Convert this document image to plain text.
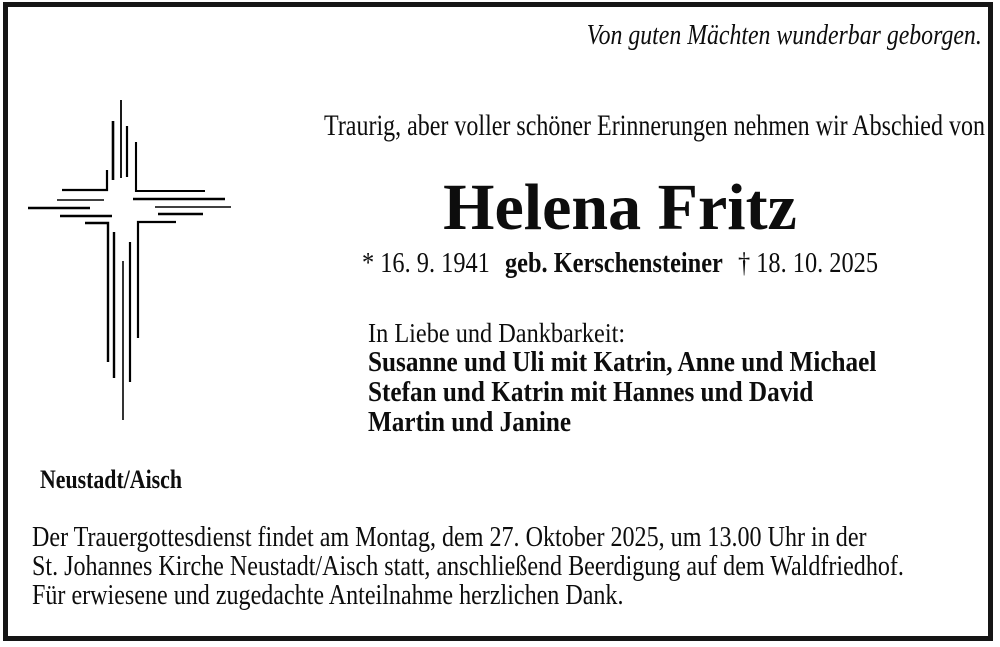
Von guten Mächten wunderbar geborgen.
Traurig, aber voller schöner Erinnerungen nehmen wir Abschied von
Helena Fritz
* 16. 9. 1941 geb. Kerschensteiner † 18. 10. 2025
In Liebe und Dankbarkeit:
Susanne und Uli mit Katrin, Anne und Michael
Stefan und Katrin mit Hannes und David
Martin und Janine
Neustadt/Aisch
Der Trauergottesdienst findet am Montag, dem 27. Oktober 2025, um 13.00 Uhr in der
St. Johannes Kirche Neustadt/Aisch statt, anschließend Beerdigung auf dem Waldfriedhof.
Für erwiesene und zugedachte Anteilnahme herzlichen Dank.
